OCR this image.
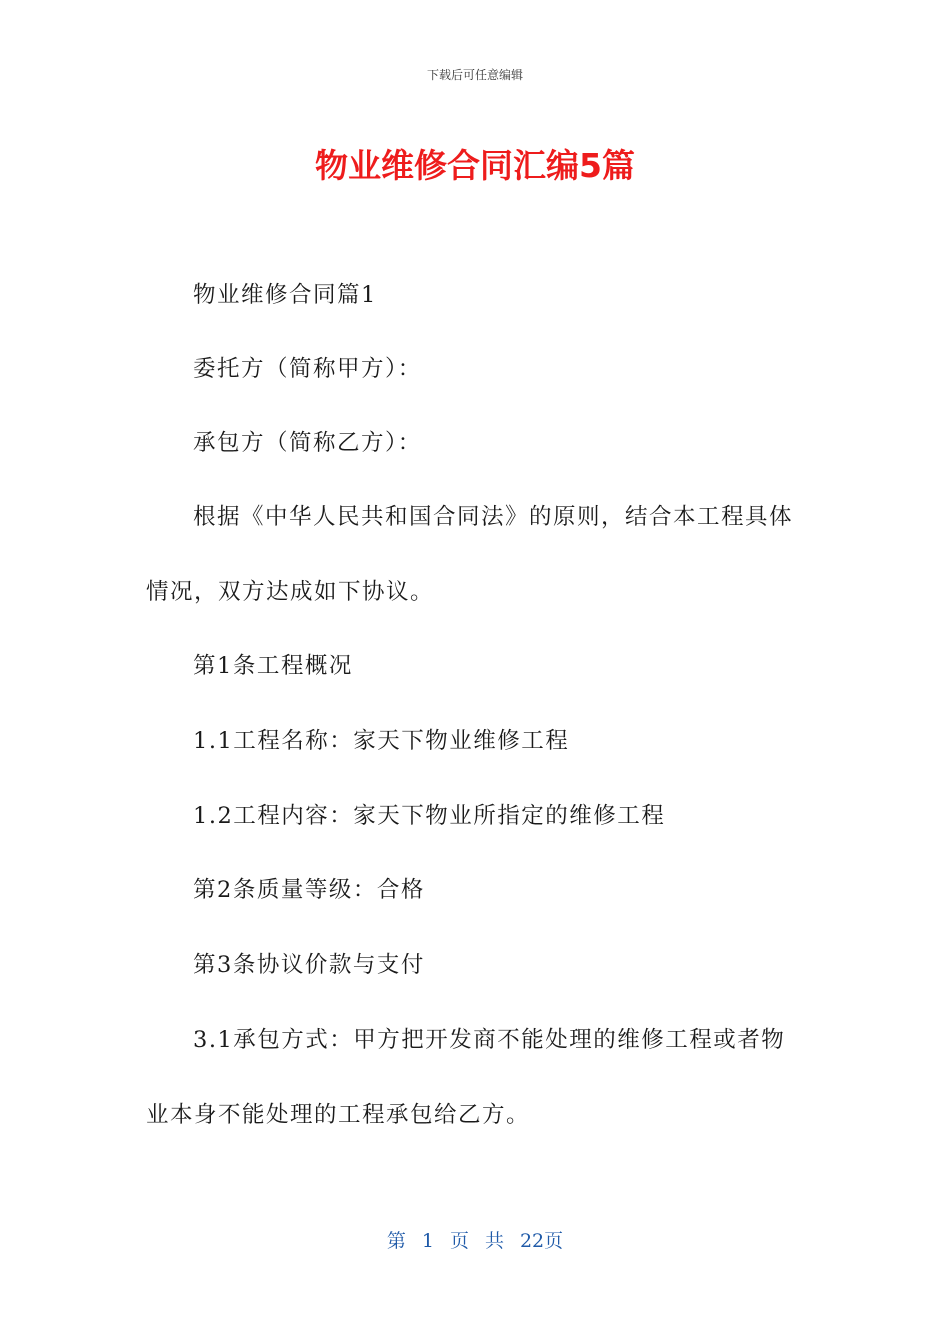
下载后可任意编辑
物业维修合同汇编5篇
物业维修合同篇1
委托方（简称甲方）：
承包方（简称乙方）：
根据《中华人民共和国合同法》的原则，结合本工程具体
情况，双方达成如下协议。
第1条工程概况
1.1工程名称：家天下物业维修工程
1.2工程内容：家天下物业所指定的维修工程
第2条质量等级：合格
第3条协议价款与支付
3.1承包方式：甲方把开发商不能处理的维修工程或者物
业本身不能处理的工程承包给乙方。
第 1 页 共 22页
